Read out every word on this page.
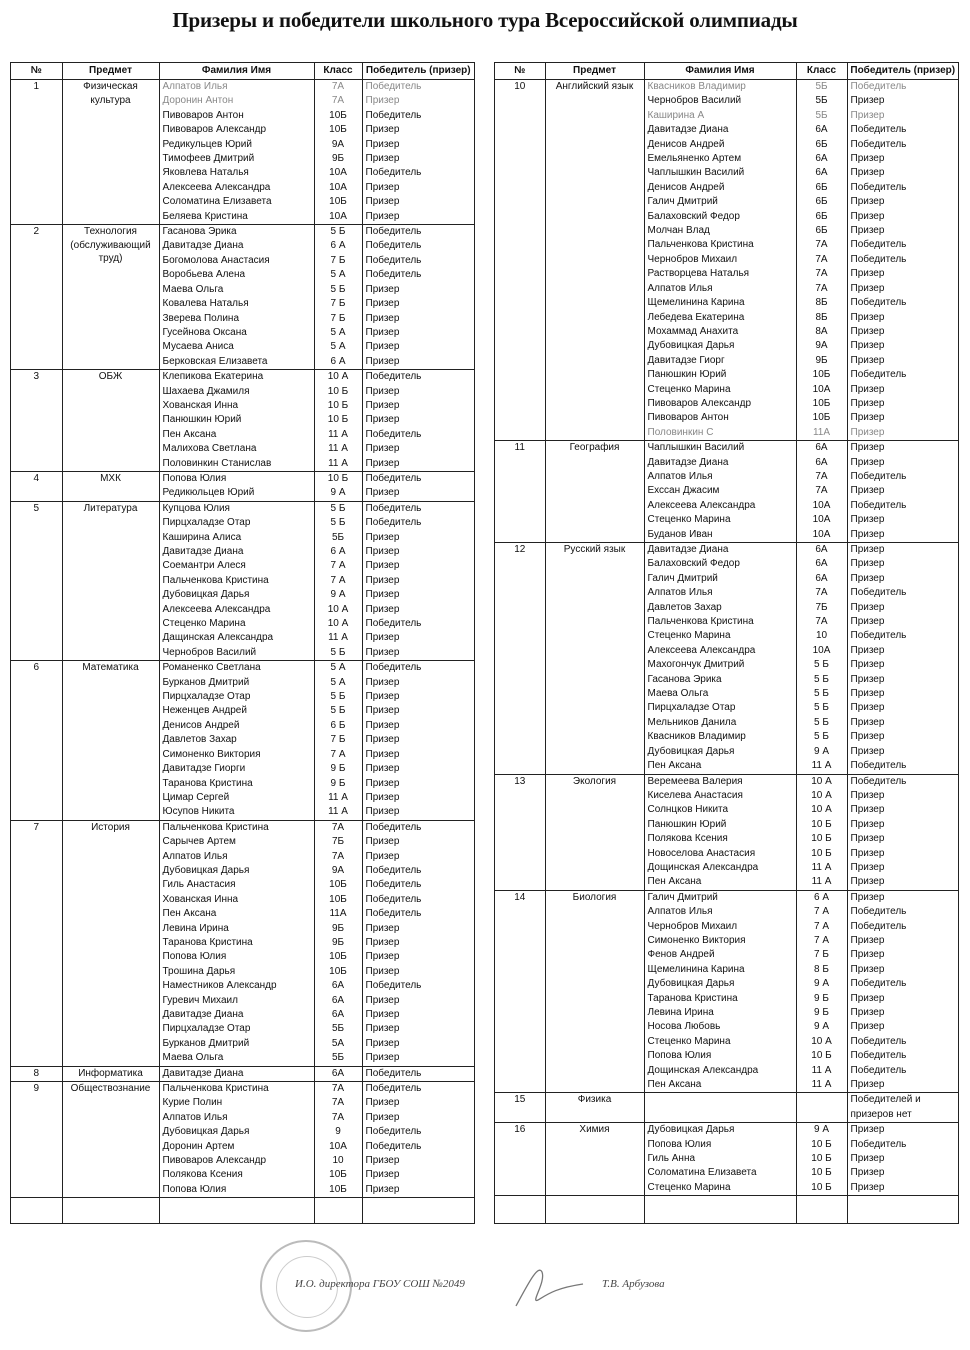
Призеры и победители школьного тура Всероссийской олимпиады
№	Предмет	Фамилия Имя	Класс	Победитель (призер)
1	Физическая культура	Алпатов Илья	7А	Победитель
		Доронин Антон	7А	Призер
		Пивоваров Антон	10Б	Победитель
		Пивоваров Александр	10Б	Призер
		Редикульцев Юрий	9А	Призер
		Тимофеев Дмитрий	9Б	Призер
		Яковлева Наталья	10А	Победитель
		Алексеева Александра	10А	Призер
		Соломатина Елизавета	10Б	Призер
		Беляева Кристина	10А	Призер
2	Технология (обслуживающий труд)	Гасанова Эрика	5 Б	Победитель
		Давитадзе Диана	6 А	Победитель
		Богомолова Анастасия	7 Б	Победитель
		Воробьева Алена	5 А	Победитель
		Маева Ольга	5 Б	Призер
		Ковалева Наталья	7 Б	Призер
		Зверева Полина	7 Б	Призер
		Гусейнова Оксана	5 А	Призер
		Мусаева Аниса	5 А	Призер
		Берковская Елизавета	6 А	Призер
3	ОБЖ	Клепикова Екатерина	10 А	Победитель
		Шахаева Джамиля	10 Б	Призер
		Хованская Инна	10 Б	Призер
		Панюшкин Юрий	10 Б	Призер
		Пен Аксана	11 А	Победитель
		Малихова Светлана	11 А	Призер
		Половинкин Станислав	11 А	Призер
4	МХК	Попова Юлия	10 Б	Победитель
		Редикюльцев Юрий	9 А	Призер
5	Литература	Купцова Юлия	5 Б	Победитель
		Пирцхаладзе Отар	5 Б	Победитель
		Каширина Алиса	5Б	Призер
		Давитадзе Диана	6 А	Призер
		Соемантри Алеся	7 А	Призер
		Пальченкова Кристина	7 А	Призер
		Дубовицкая Дарья	9 А	Призер
		Алексеева Александра	10 А	Призер
		Стеценко Марина	10 А	Победитель
		Дащинская Александра	11 А	Призер
		Чернобров Василий	5 Б	Призер
6	Математика	Романенко Светлана	5 А	Победитель
		Бурканов Дмитрий	5 А	Призер
		Пирцхаладзе Отар	5 Б	Призер
		Неженцев Андрей	5 Б	Призер
		Денисов Андрей	6 Б	Призер
		Давлетов Захар	7 Б	Призер
		Симоненко Виктория	7 А	Призер
		Давитадзе Гиорги	9 Б	Призер
		Таранова Кристина	9 Б	Призер
		Цимар Сергей	11 А	Призер
		Юсупов Никита	11 А	Призер
7	История	Пальченкова Кристина	7А	Победитель
		Сарычев Артем	7Б	Призер
		Алпатов Илья	7А	Призер
		Дубовицкая Дарья	9А	Победитель
		Гиль Анастасия	10Б	Победитель
		Хованская Инна	10Б	Победитель
		Пен Аксана	11А	Победитель
		Левина Ирина	9Б	Призер
		Таранова Кристина	9Б	Призер
		Попова Юлия	10Б	Призер
		Трошина Дарья	10Б	Призер
		Наместников Александр	6А	Победитель
		Гуревич Михаил	6А	Призер
		Давитадзе Диана	6А	Призер
		Пирцхаладзе Отар	5Б	Призер
		Бурканов Дмитрий	5А	Призер
		Маева Ольга	5Б	Призер
8	Информатика	Давитадзе Диана	6А	Победитель
9	Обществознание	Пальченкова Кристина	7А	Победитель
		Курие Полин	7А	Призер
		Алпатов Илья	7А	Призер
		Дубовицкая Дарья	9	Победитель
		Доронин Артем	10А	Победитель
		Пивоваров Александр	10	Призер
		Полякова Ксения	10Б	Призер
		Попова Юлия	10Б	Призер

№	Предмет	Фамилия Имя	Класс	Победитель (призер)
10	Английский язык	Квасников Владимир	5Б	Победитель
		Чернобров Василий	5Б	Призер
		Каширина А	5Б	Призер
		Давитадзе Диана	6А	Победитель
		Денисов Андрей	6Б	Победитель
		Емельяненко Артем	6А	Призер
		Чаплышкин Василий	6А	Призер
		Денисов Андрей	6Б	Победитель
		Галич Дмитрий	6Б	Призер
		Балаховский Федор	6Б	Призер
		Молчан Влад	6Б	Призер
		Пальченкова Кристина	7А	Победитель
		Чернобров Михаил	7А	Победитель
		Растворцева Наталья	7А	Призер
		Алпатов Илья	7А	Призер
		Щемелинина Карина	8Б	Победитель
		Лебедева Екатерина	8Б	Призер
		Мохаммад Анахита	8А	Призер
		Дубовицкая Дарья	9А	Призер
		Давитадзе Гиорг	9Б	Призер
		Панюшкин Юрий	10Б	Победитель
		Стеценко Марина	10А	Призер
		Пивоваров Александр	10Б	Призер
		Пивоваров Антон	10Б	Призер
		Половинкин С	11А	Призер
11	География	Чаплышкин Василий	6А	Призер
		Давитадзе Диана	6А	Призер
		Алпатов Илья	7А	Победитель
		Ехссан Джасим	7А	Призер
		Алексеева Александра	10А	Победитель
		Стеценко Марина	10А	Призер
		Буданов Иван	10А	Призер
12	Русский язык	Давитадзе Диана	6А	Призер
		Балаховский Федор	6А	Призер
		Галич Дмитрий	6А	Призер
		Алпатов Илья	7А	Победитель
		Давлетов Захар	7Б	Призер
		Пальченкова Кристина	7А	Призер
		Стеценко Марина	10	Победитель
		Алексеева Александра	10А	Призер
		Махогончук Дмитрий	5 Б	Призер
		Гасанова Эрика	5 Б	Призер
		Маева Ольга	5 Б	Призер
		Пирцхаладзе Отар	5 Б	Призер
		Мельников Данила	5 Б	Призер
		Квасников Владимир	5 Б	Призер
		Дубовицкая Дарья	9 А	Призер
		Пен Аксана	11 А	Победитель
13	Экология	Веремеева Валерия	10 А	Победитель
		Киселева Анастасия	10 А	Призер
		Солнцков Никита	10 А	Призер
		Панюшкин Юрий	10 Б	Призер
		Полякова Ксения	10 Б	Призер
		Новоселова Анастасия	10 Б	Призер
		Дощинская Александра	11 А	Призер
		Пен Аксана	11 А	Призер
14	Биология	Галич Дмитрий	6 А	Призер
		Алпатов Илья	7 А	Победитель
		Чернобров Михаил	7 А	Победитель
		Симоненко Виктория	7 А	Призер
		Фенов Андрей	7 Б	Призер
		Щемелинина Карина	8 Б	Призер
		Дубовицкая Дарья	9 А	Победитель
		Таранова Кристина	9 Б	Призер
		Левина Ирина	9 Б	Призер
		Носова Любовь	9 А	Призер
		Стеценко Марина	10 А	Победитель
		Попова Юлия	10 Б	Победитель
		Дощинская Александра	11 А	Победитель
		Пен Аксана	11 А	Призер
15	Физика			Победителей и призеров нет
16	Химия	Дубовицкая Дарья	9 А	Призер
		Попова Юлия	10 Б	Победитель
		Гиль Анна	10 Б	Призер
		Соломатина Елизавета	10 Б	Призер
		Стеценко Марина	10 Б	Призер

И.О. директора ГБОУ СОШ №2049	Т.В. Арбузова
